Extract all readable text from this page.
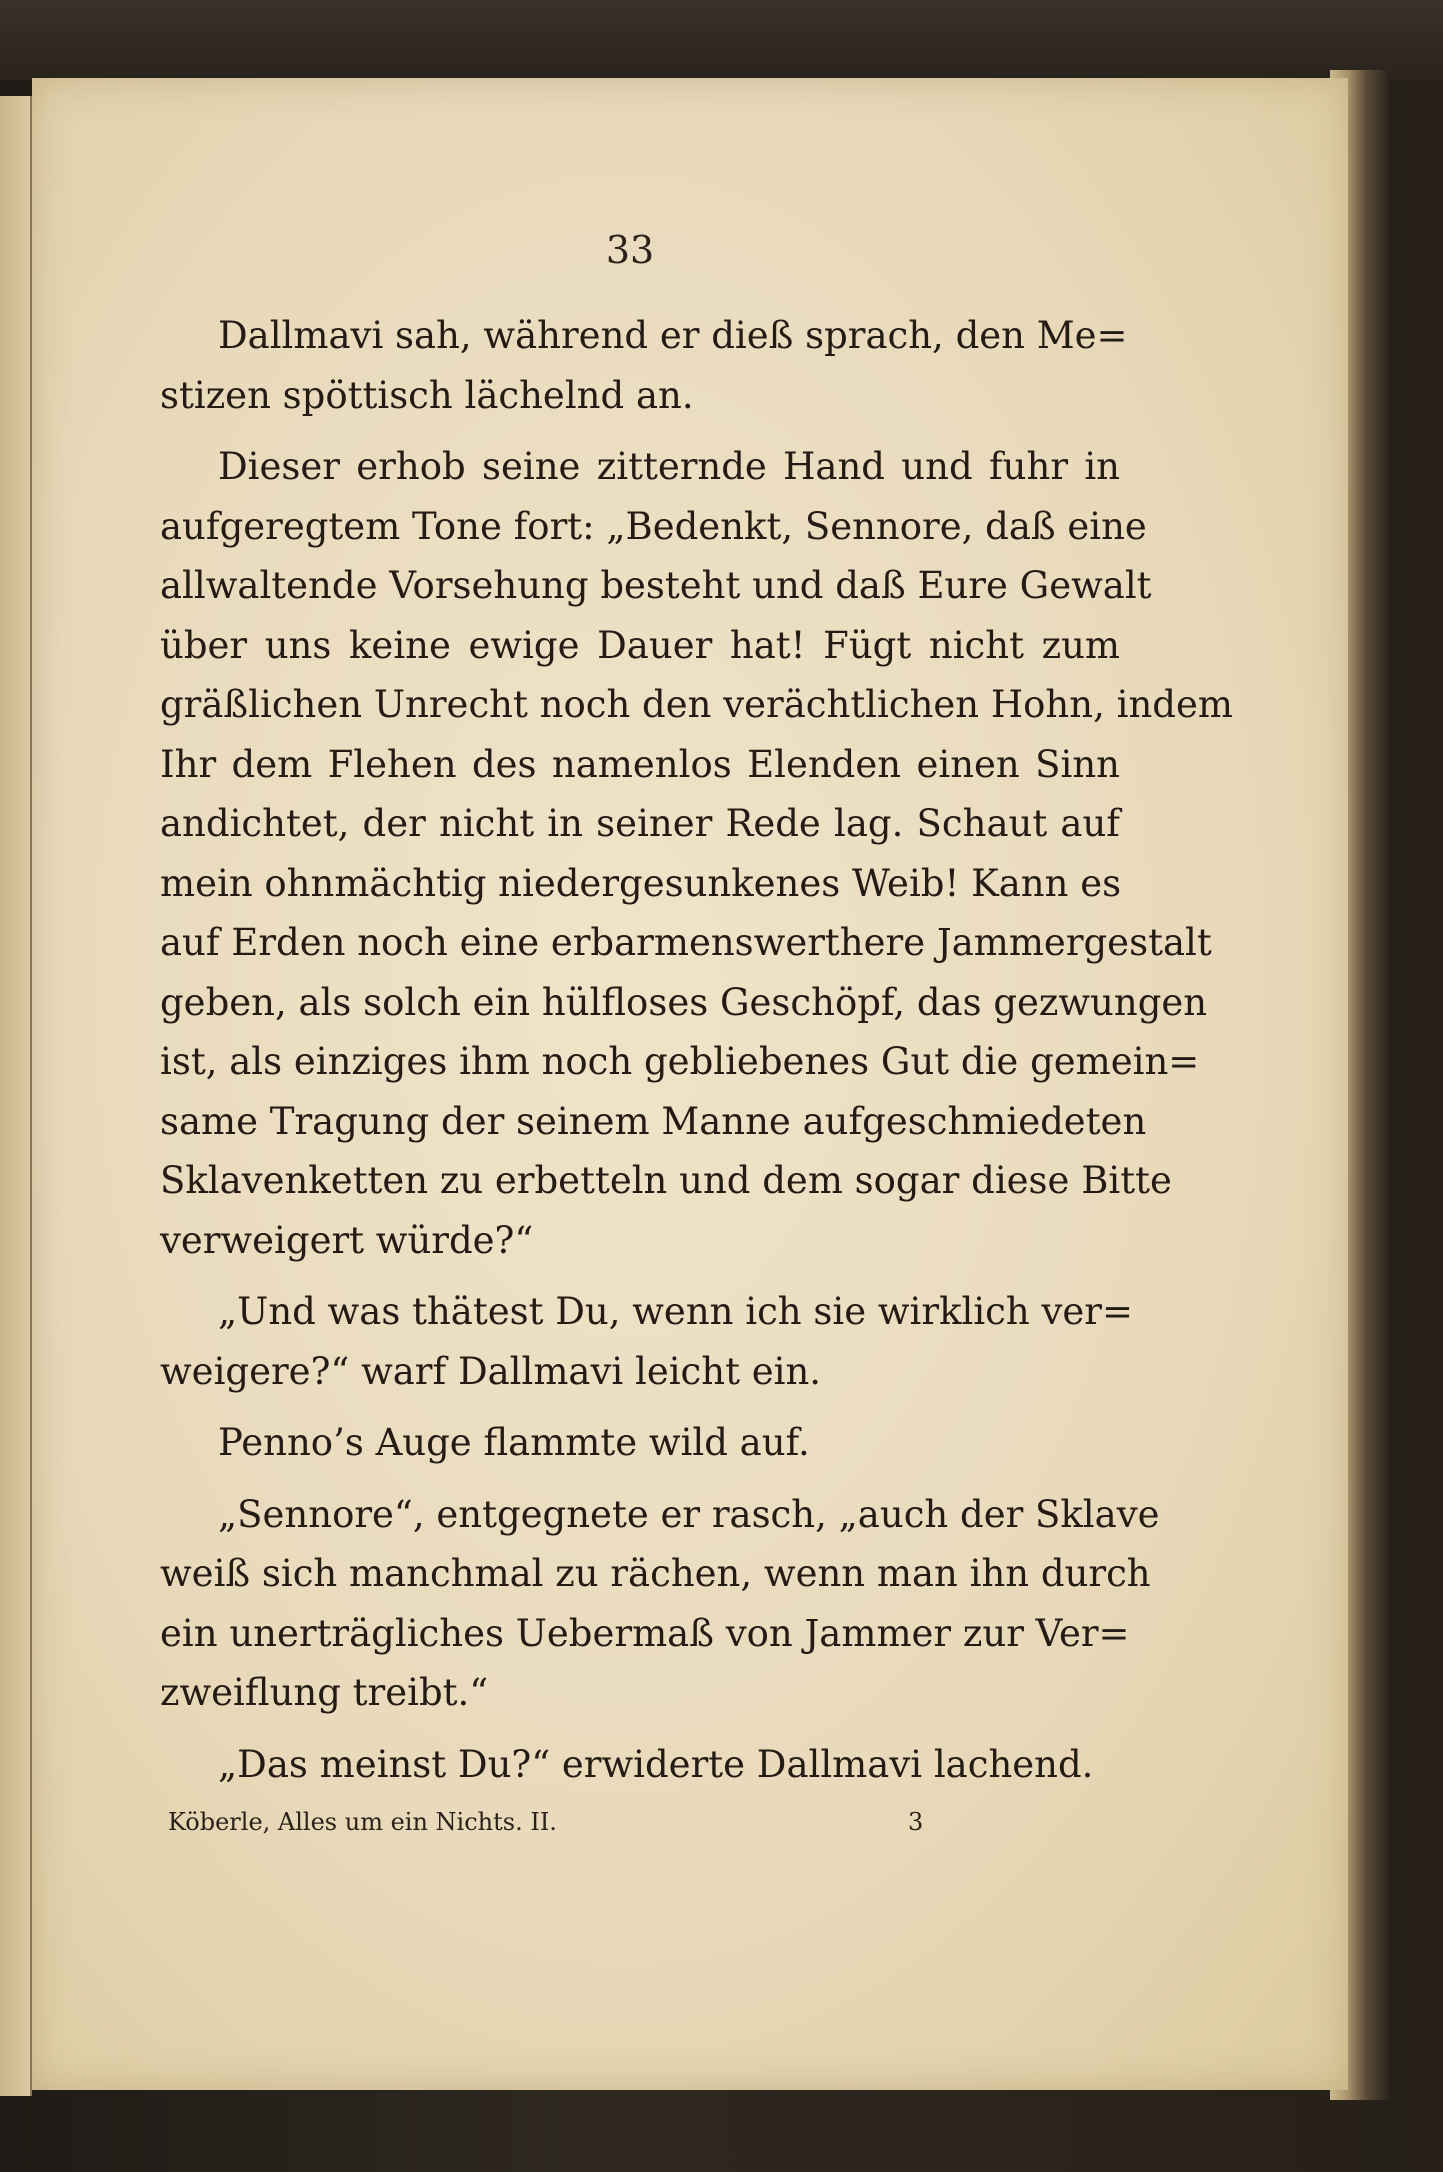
33
Dallmavi sah, während er dieß sprach, den Me=
stizen spöttisch lächelnd an.
Dieser erhob seine zitternde Hand und fuhr in
aufgeregtem Tone fort: „Bedenkt, Sennore, daß eine
allwaltende Vorsehung besteht und daß Eure Gewalt
über uns keine ewige Dauer hat! Fügt nicht zum
gräßlichen Unrecht noch den verächtlichen Hohn, indem
Ihr dem Flehen des namenlos Elenden einen Sinn
andichtet, der nicht in seiner Rede lag. Schaut auf
mein ohnmächtig niedergesunkenes Weib! Kann es
auf Erden noch eine erbarmenswerthere Jammergestalt
geben, als solch ein hülfloses Geschöpf, das gezwungen
ist, als einziges ihm noch gebliebenes Gut die gemein=
same Tragung der seinem Manne aufgeschmiedeten
Sklavenketten zu erbetteln und dem sogar diese Bitte
verweigert würde?“
„Und was thätest Du, wenn ich sie wirklich ver=
weigere?“ warf Dallmavi leicht ein.
Penno’s Auge flammte wild auf.
„Sennore“, entgegnete er rasch, „auch der Sklave
weiß sich manchmal zu rächen, wenn man ihn durch
ein unerträgliches Uebermaß von Jammer zur Ver=
zweiflung treibt.“
„Das meinst Du?“ erwiderte Dallmavi lachend.
Köberle, Alles um ein Nichts. II.	3
